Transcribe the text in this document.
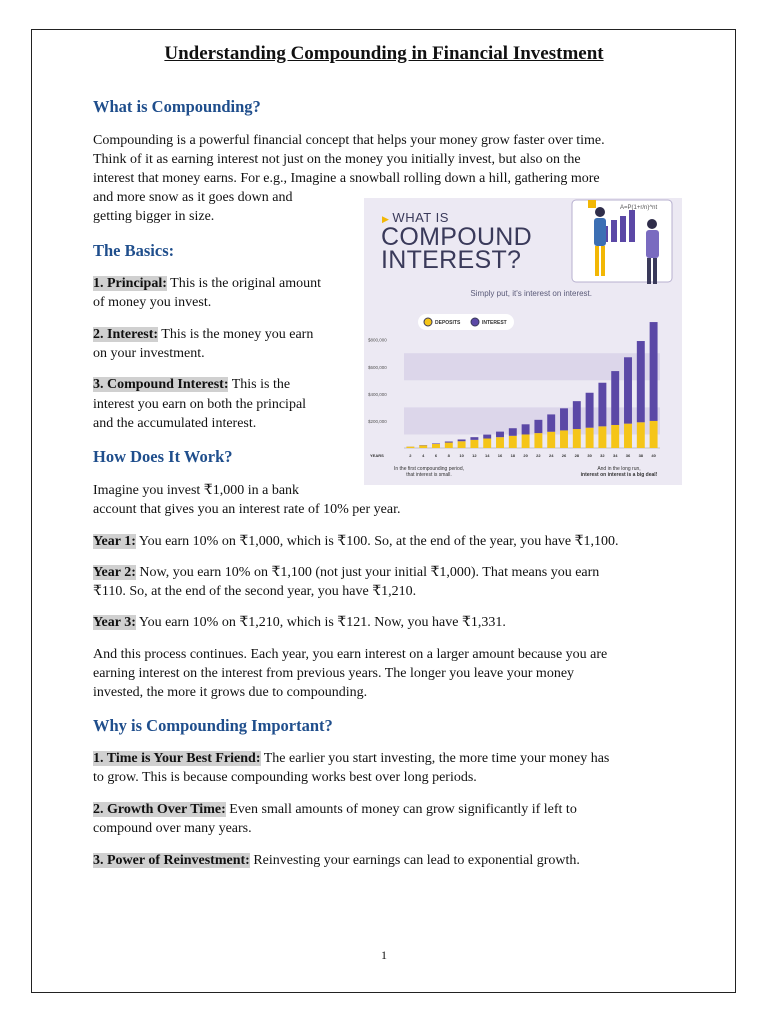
Understanding Compounding in Financial Investment
What is Compounding?
Compounding is a powerful financial concept that helps your money grow faster over time.
Think of it as earning interest not just on the money you initially invest, but also on the
interest that money earns. For e.g., Imagine a snowball rolling down a hill, gathering more
and more snow as it goes down and
getting bigger in size.
The Basics:
1. Principal: This is the original amount
of money you invest.
2. Interest: This is the money you earn
on your investment.
3. Compound Interest: This is the
interest you earn on both the principal
and the accumulated interest.
How Does It Work?
Imagine you invest ₹1,000 in a bank
account that gives you an interest rate of 10% per year.
Year 1: You earn 10% on ₹1,000, which is ₹100. So, at the end of the year, you have ₹1,100.
Year 2: Now, you earn 10% on ₹1,100 (not just your initial ₹1,000). That means you earn
₹110. So, at the end of the second year, you have ₹1,210.
Year 3: You earn 10% on ₹1,210, which is ₹121. Now, you have ₹1,331.
And this process continues. Each year, you earn interest on a larger amount because you are
earning interest on the interest from previous years. The longer you leave your money
invested, the more it grows due to compounding.
Why is Compounding Important?
1. Time is Your Best Friend: The earlier you start investing, the more time your money has
to grow. This is because compounding works best over long periods.
2. Growth Over Time: Even small amounts of money can grow significantly if left to
compound over many years.
3. Power of Reinvestment: Reinvesting your earnings can lead to exponential growth.
1
▶ WHAT IS
COMPOUND
INTEREST?
A=P(1+r/n)^nt
Simply put, it's interest on interest.
$200,000
$400,000
$600,000
$800,000
2	4	6	8 10 12 14 16 18 20 22 24 26 28 30 32 34 36 38 40
DEPOSITS	INTEREST
YEARS
In the first compounding period,
that interest is small.
And in the long run,
interest on interest is a big deal!
